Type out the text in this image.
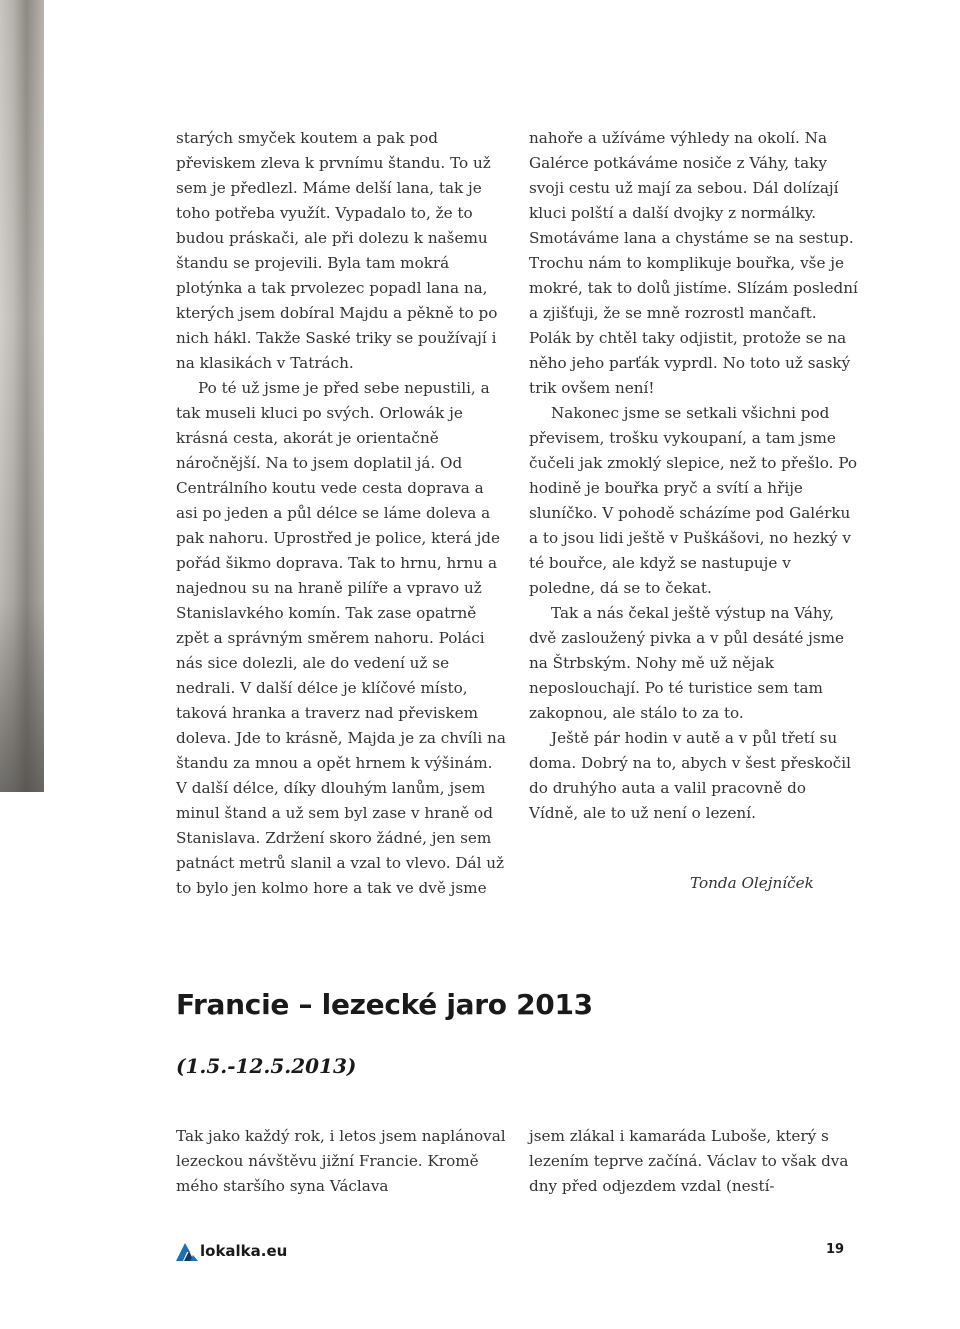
starých smyček koutem a pak pod převiskem zleva k prvnímu štandu. To už sem je předlezl. Máme delší lana, tak je toho potřeba využít. Vypadalo to, že to budou práskači, ale při dolezu k našemu štandu se projevili. Byla tam mokrá plotýnka a tak prvolezec popadl lana na, kterých jsem dobíral Majdu a pěkně to po nich hákl. Takže Saské triky se používají i na klasikách v Tatrách.

Po té už jsme je před sebe nepustili, a tak museli kluci po svých. Orlowák je krásná cesta, akorát je orientačně náročnější. Na to jsem doplatil já. Od Centrálního koutu vede cesta doprava a asi po jeden a půl délce se láme doleva a pak nahoru. Uprostřed je police, která jde pořád šikmo doprava. Tak to hrnu, hrnu a najednou su na hraně pilíře a vpravo už Stanislavkého komín. Tak zase opatrně zpět a správným směrem nahoru. Poláci nás sice dolezli, ale do vedení už se nedrali. V další délce je klíčové místo, taková hranka a traverz nad převiskem doleva. Jde to krásně, Majda je za chvíli na štandu za mnou a opět hrnem k výšinám. V další délce, díky dlouhým lanům, jsem minul štand a už sem byl zase v hraně od Stanislava. Zdržení skoro žádné, jen sem patnáct metrů slanil a vzal to vlevo. Dál už to bylo jen kolmo hore a tak ve dvě jsme

nahoře a užíváme výhledy na okolí. Na Galérce potkáváme nosiče z Váhy, taky svoji cestu už mají za sebou. Dál dolízají kluci polští a další dvojky z normálky. Smotáváme lana a chystáme se na sestup. Trochu nám to komplikuje bouřka, vše je mokré, tak to dolů jistíme. Slízám poslední a zjišťuji, že se mně rozrostl mančaft. Polák by chtěl taky odjistit, protože se na něho jeho parťák vyprdl. No toto už saský trik ovšem není!

Nakonec jsme se setkali všichni pod převisem, trošku vykoupaní, a tam jsme čučeli jak zmoklý slepice, než to přešlo. Po hodině je bouřka pryč a svítí a hřije sluníčko. V pohodě scházíme pod Galérku a to jsou lidi ještě v Puškášovi, no hezký v té bouřce, ale když se nastupuje v poledne, dá se to čekat.

Tak a nás čekal ještě výstup na Váhy, dvě zasloužený pivka a v půl desáté jsme na Štrbským. Nohy mě už nějak neposlouchají. Po té turistice sem tam zakopnou, ale stálo to za to.

Ještě pár hodin v autě a v půl třetí su doma. Dobrý na to, abych v šest přeskočil do druhýho auta a valil pracovně do Vídně, ale to už není o lezení.

Tonda Olejníček
Francie – lezecké jaro 2013
(1.5.-12.5.2013)

Tak jako každý rok, i letos jsem naplánoval lezeckou návštěvu jižní Francie. Kromě mého staršího syna Václava

jsem zlákal i kamaráda Luboše, který s lezením teprve začíná. Václav to však dva dny před odjezdem vzdal (nestí-

lokalka.eu	19
